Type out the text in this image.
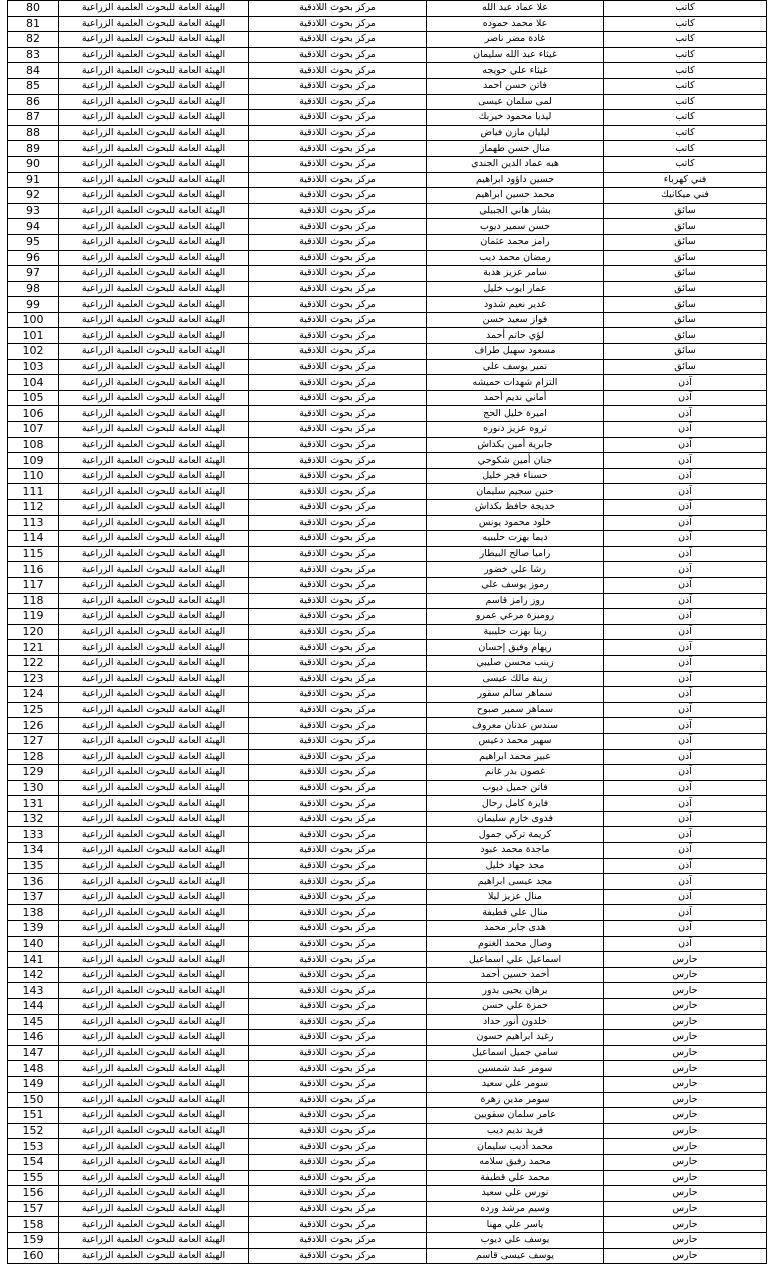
80	الهيئة العامة للبحوث العلمية الزراعية	مركز بحوث اللاذقية	علا عماد عبد الله	كاتب
81	الهيئة العامة للبحوث العلمية الزراعية	مركز بحوث اللاذقية	علا محمد حموده	كاتب
82	الهيئة العامة للبحوث العلمية الزراعية	مركز بحوث اللاذقية	غادة مضر ناصر	كاتب
83	الهيئة العامة للبحوث العلمية الزراعية	مركز بحوث اللاذقية	غيثاء عبد الله سليمان	كاتب
84	الهيئة العامة للبحوث العلمية الزراعية	مركز بحوث اللاذقية	غيثاء علي حويجه	كاتب
85	الهيئة العامة للبحوث العلمية الزراعية	مركز بحوث اللاذقية	فاتن حسن احمد	كاتب
86	الهيئة العامة للبحوث العلمية الزراعية	مركز بحوث اللاذقية	لمى سلمان عيسى	كاتب
87	الهيئة العامة للبحوث العلمية الزراعية	مركز بحوث اللاذقية	ليديا محمود خيربك	كاتب
88	الهيئة العامة للبحوث العلمية الزراعية	مركز بحوث اللاذقية	ليليان مازن فياض	كاتب
89	الهيئة العامة للبحوث العلمية الزراعية	مركز بحوث اللاذقية	منال حسن طهماز	كاتب
90	الهيئة العامة للبحوث العلمية الزراعية	مركز بحوث اللاذقية	هبه عماد الدين الجندي	كاتب
91	الهيئة العامة للبحوث العلمية الزراعية	مركز بحوث اللاذقية	حسين داؤود ابراهيم	فني كهرباء
92	الهيئة العامة للبحوث العلمية الزراعية	مركز بحوث اللاذقية	محمد حسين ابراهيم	فني ميكانيك
93	الهيئة العامة للبحوث العلمية الزراعية	مركز بحوث اللاذقية	بشار هاني الجبيلي	سائق
94	الهيئة العامة للبحوث العلمية الزراعية	مركز بحوث اللاذقية	حسن سمير ديوب	سائق
95	الهيئة العامة للبحوث العلمية الزراعية	مركز بحوث اللاذقية	رامز محمد عثمان	سائق
96	الهيئة العامة للبحوث العلمية الزراعية	مركز بحوث اللاذقية	رمضان محمد ديب	سائق
97	الهيئة العامة للبحوث العلمية الزراعية	مركز بحوث اللاذقية	سامر عزيز هدبة	سائق
98	الهيئة العامة للبحوث العلمية الزراعية	مركز بحوث اللاذقية	عمار ايوب خليل	سائق
99	الهيئة العامة للبحوث العلمية الزراعية	مركز بحوث اللاذقية	غدير نعيم شدود	سائق
100	الهيئة العامة للبحوث العلمية الزراعية	مركز بحوث اللاذقية	فواز سعيد حسن	سائق
101	الهيئة العامة للبحوث العلمية الزراعية	مركز بحوث اللاذقية	لؤي حاتم أحمد	سائق
102	الهيئة العامة للبحوث العلمية الزراعية	مركز بحوث اللاذقية	مسعود سهيل طراف	سائق
103	الهيئة العامة للبحوث العلمية الزراعية	مركز بحوث اللاذقية	نمير يوسف علي	سائق
104	الهيئة العامة للبحوث العلمية الزراعية	مركز بحوث اللاذقية	التزام شهدات حميشه	آذن
105	الهيئة العامة للبحوث العلمية الزراعية	مركز بحوث اللاذقية	أماني نديم أحمد	آذن
106	الهيئة العامة للبحوث العلمية الزراعية	مركز بحوث اللاذقية	اميرة خليل الحج	آذن
107	الهيئة العامة للبحوث العلمية الزراعية	مركز بحوث اللاذقية	ثروه عزيز دنوره	آذن
108	الهيئة العامة للبحوث العلمية الزراعية	مركز بحوث اللاذقية	جابرية أمين بكداش	آذن
109	الهيئة العامة للبحوث العلمية الزراعية	مركز بحوث اللاذقية	جنان أمين شكوحي	آذن
110	الهيئة العامة للبحوث العلمية الزراعية	مركز بحوث اللاذقية	حسناء فجر خليل	آذن
111	الهيئة العامة للبحوث العلمية الزراعية	مركز بحوث اللاذقية	حنين سجيم سليمان	آذن
112	الهيئة العامة للبحوث العلمية الزراعية	مركز بحوث اللاذقية	خديجة حافظ بكداش	آذن
113	الهيئة العامة للبحوث العلمية الزراعية	مركز بحوث اللاذقية	خلود محمود يونس	آذن
114	الهيئة العامة للبحوث العلمية الزراعية	مركز بحوث اللاذقية	ديما بهزت حليبيه	آذن
115	الهيئة العامة للبحوث العلمية الزراعية	مركز بحوث اللاذقية	راميا صالح البيطار	آذن
116	الهيئة العامة للبحوث العلمية الزراعية	مركز بحوث اللاذقية	رشا علي خضور	آذن
117	الهيئة العامة للبحوث العلمية الزراعية	مركز بحوث اللاذقية	رموز يوسف علي	آذن
118	الهيئة العامة للبحوث العلمية الزراعية	مركز بحوث اللاذقية	روز رامز قاسم	آذن
119	الهيئة العامة للبحوث العلمية الزراعية	مركز بحوث اللاذقية	روميزة مرعي عمرو	آذن
120	الهيئة العامة للبحوث العلمية الزراعية	مركز بحوث اللاذقية	رينا بهزت حليبية	آذن
121	الهيئة العامة للبحوث العلمية الزراعية	مركز بحوث اللاذقية	ريهام وفيق إحسان	آذن
122	الهيئة العامة للبحوث العلمية الزراعية	مركز بحوث اللاذقية	زينب محسن صليبي	آذن
123	الهيئة العامة للبحوث العلمية الزراعية	مركز بحوث اللاذقية	زينة مالك عيسى	آذن
124	الهيئة العامة للبحوث العلمية الزراعية	مركز بحوث اللاذقية	سماهر سالم سقور	آذن
125	الهيئة العامة للبحوث العلمية الزراعية	مركز بحوث اللاذقية	سماهر سمير صبوح	آذن
126	الهيئة العامة للبحوث العلمية الزراعية	مركز بحوث اللاذقية	سندس عدنان معروف	آذن
127	الهيئة العامة للبحوث العلمية الزراعية	مركز بحوث اللاذقية	سهير محمد دعيس	آذن
128	الهيئة العامة للبحوث العلمية الزراعية	مركز بحوث اللاذقية	عبير محمد ابراهيم	آذن
129	الهيئة العامة للبحوث العلمية الزراعية	مركز بحوث اللاذقية	غصون بدر غانم	آذن
130	الهيئة العامة للبحوث العلمية الزراعية	مركز بحوث اللاذقية	فاتن جميل ديوب	آذن
131	الهيئة العامة للبحوث العلمية الزراعية	مركز بحوث اللاذقية	فايزة كامل رحال	آذن
132	الهيئة العامة للبحوث العلمية الزراعية	مركز بحوث اللاذقية	فدوى خازم سليمان	آذن
133	الهيئة العامة للبحوث العلمية الزراعية	مركز بحوث اللاذقية	كريمة تركي جمول	آذن
134	الهيئة العامة للبحوث العلمية الزراعية	مركز بحوث اللاذقية	ماجدة محمد عبود	آذن
135	الهيئة العامة للبحوث العلمية الزراعية	مركز بحوث اللاذقية	مجد جهاد خليل	آذن
136	الهيئة العامة للبحوث العلمية الزراعية	مركز بحوث اللاذقية	مجد عيسى ابراهيم	آذن
137	الهيئة العامة للبحوث العلمية الزراعية	مركز بحوث اللاذقية	منال عزيز ليلا	آذن
138	الهيئة العامة للبحوث العلمية الزراعية	مركز بحوث اللاذقية	منال علي قطيفة	آذن
139	الهيئة العامة للبحوث العلمية الزراعية	مركز بحوث اللاذقية	هدى جابر محمد	آذن
140	الهيئة العامة للبحوث العلمية الزراعية	مركز بحوث اللاذقية	وصال محمد الغنوم	آذن
141	الهيئة العامة للبحوث العلمية الزراعية	مركز بحوث اللاذقية	اسماعيل علي اسماعيل	حارس
142	الهيئة العامة للبحوث العلمية الزراعية	مركز بحوث اللاذقية	أحمد حسين أحمد	حارس
143	الهيئة العامة للبحوث العلمية الزراعية	مركز بحوث اللاذقية	برهان يحيى بدور	حارس
144	الهيئة العامة للبحوث العلمية الزراعية	مركز بحوث اللاذقية	حمزة علي حسن	حارس
145	الهيئة العامة للبحوث العلمية الزراعية	مركز بحوث اللاذقية	خلدون أنور حداد	حارس
146	الهيئة العامة للبحوث العلمية الزراعية	مركز بحوث اللاذقية	رغيد ابراهيم حسون	حارس
147	الهيئة العامة للبحوث العلمية الزراعية	مركز بحوث اللاذقية	سامي جميل اسماعيل	حارس
148	الهيئة العامة للبحوث العلمية الزراعية	مركز بحوث اللاذقية	سومر عبد شمسين	حارس
149	الهيئة العامة للبحوث العلمية الزراعية	مركز بحوث اللاذقية	سومر علي سعيد	حارس
150	الهيئة العامة للبحوث العلمية الزراعية	مركز بحوث اللاذقية	سومر مدين زهرة	حارس
151	الهيئة العامة للبحوث العلمية الزراعية	مركز بحوث اللاذقية	عامر سلمان سقويين	حارس
152	الهيئة العامة للبحوث العلمية الزراعية	مركز بحوث اللاذقية	فريد نديم ديب	حارس
153	الهيئة العامة للبحوث العلمية الزراعية	مركز بحوث اللاذقية	محمد أديب سليمان	حارس
154	الهيئة العامة للبحوث العلمية الزراعية	مركز بحوث اللاذقية	محمد رفيق سلامه	حارس
155	الهيئة العامة للبحوث العلمية الزراعية	مركز بحوث اللاذقية	محمد علي قطيفة	حارس
156	الهيئة العامة للبحوث العلمية الزراعية	مركز بحوث اللاذقية	نورس علي سعيد	حارس
157	الهيئة العامة للبحوث العلمية الزراعية	مركز بحوث اللاذقية	وسيم مرشد ورده	حارس
158	الهيئة العامة للبحوث العلمية الزراعية	مركز بحوث اللاذقية	ياسر علي مهنا	حارس
159	الهيئة العامة للبحوث العلمية الزراعية	مركز بحوث اللاذقية	يوسف علي ديوب	حارس
160	الهيئة العامة للبحوث العلمية الزراعية	مركز بحوث اللاذقية	يوسف عيسى قاسم	حارس
